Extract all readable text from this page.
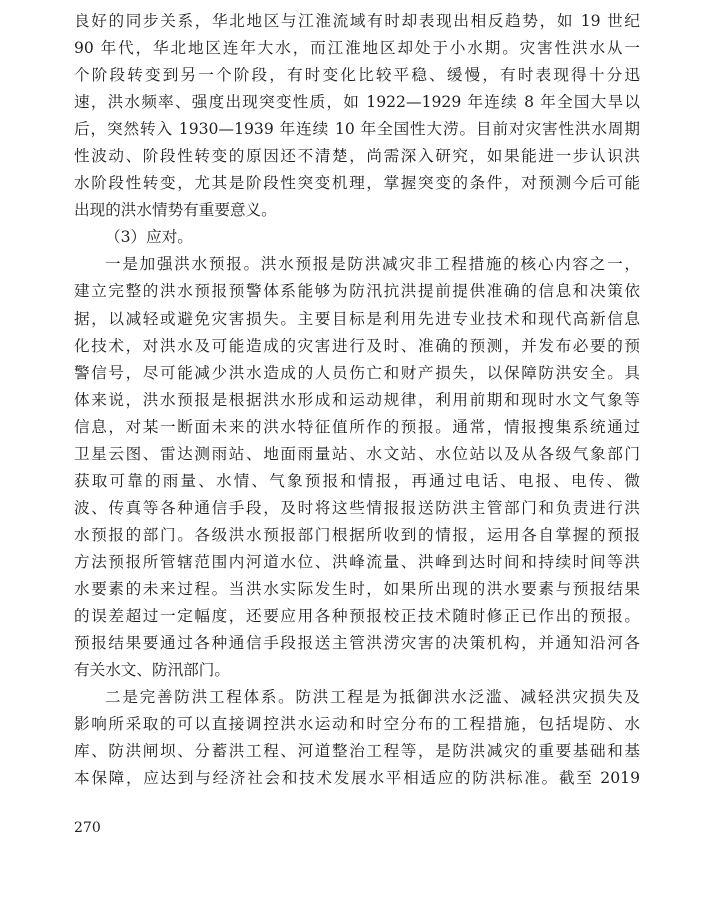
良好的同步关系，华北地区与江淮流域有时却表现出相反趋势，如 19 世纪
90 年代，华北地区连年大水，而江淮地区却处于小水期。灾害性洪水从一
个阶段转变到另一个阶段，有时变化比较平稳、缓慢，有时表现得十分迅
速，洪水频率、强度出现突变性质，如 1922—1929 年连续 8 年全国大旱以
后，突然转入 1930—1939 年连续 10 年全国性大涝。目前对灾害性洪水周期
性波动、阶段性转变的原因还不清楚，尚需深入研究，如果能进一步认识洪
水阶段性转变，尤其是阶段性突变机理，掌握突变的条件，对预测今后可能
出现的洪水情势有重要意义。
（3）应对。
一是加强洪水预报。洪水预报是防洪减灾非工程措施的核心内容之一，
建立完整的洪水预报预警体系能够为防汛抗洪提前提供准确的信息和决策依
据，以减轻或避免灾害损失。主要目标是利用先进专业技术和现代高新信息
化技术，对洪水及可能造成的灾害进行及时、准确的预测，并发布必要的预
警信号，尽可能减少洪水造成的人员伤亡和财产损失，以保障防洪安全。具
体来说，洪水预报是根据洪水形成和运动规律，利用前期和现时水文气象等
信息，对某一断面未来的洪水特征值所作的预报。通常，情报搜集系统通过
卫星云图、雷达测雨站、地面雨量站、水文站、水位站以及从各级气象部门
获取可靠的雨量、水情、气象预报和情报，再通过电话、电报、电传、微
波、传真等各种通信手段，及时将这些情报报送防洪主管部门和负责进行洪
水预报的部门。各级洪水预报部门根据所收到的情报，运用各自掌握的预报
方法预报所管辖范围内河道水位、洪峰流量、洪峰到达时间和持续时间等洪
水要素的未来过程。当洪水实际发生时，如果所出现的洪水要素与预报结果
的误差超过一定幅度，还要应用各种预报校正技术随时修正已作出的预报。
预报结果要通过各种通信手段报送主管洪涝灾害的决策机构，并通知沿河各
有关水文、防汛部门。
二是完善防洪工程体系。防洪工程是为抵御洪水泛滥、减轻洪灾损失及
影响所采取的可以直接调控洪水运动和时空分布的工程措施，包括堤防、水
库、防洪闸坝、分蓄洪工程、河道整治工程等，是防洪减灾的重要基础和基
本保障，应达到与经济社会和技术发展水平相适应的防洪标准。截至 2019
270
